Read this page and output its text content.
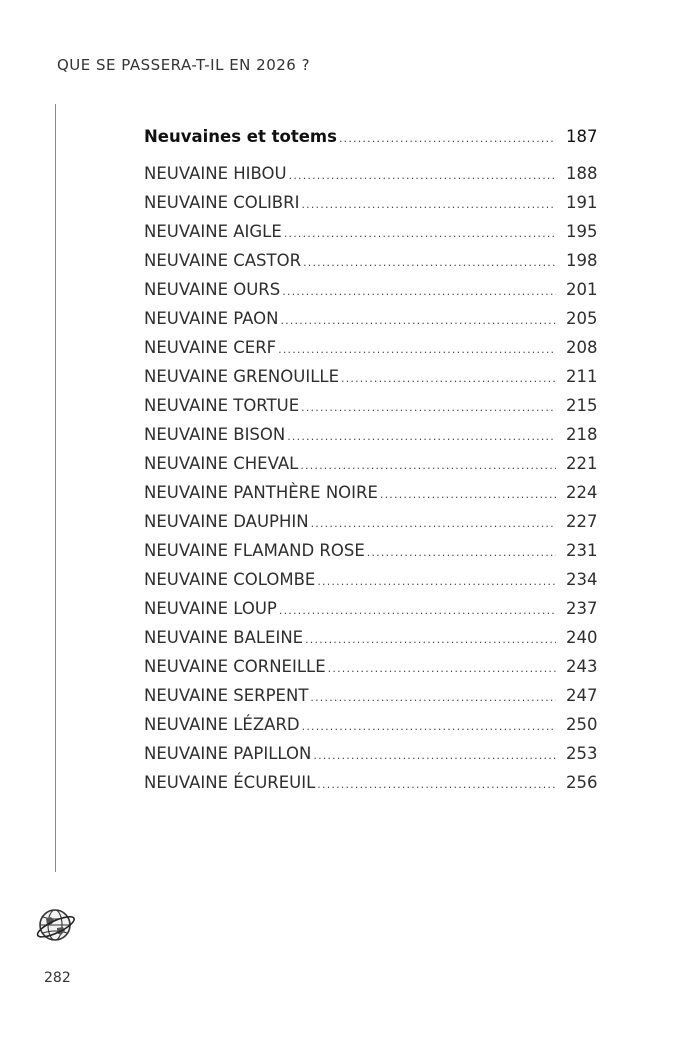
QUE SE PASSERA-T-IL EN 2026 ?
Neuvaines et totems .....	187
NEUVAINE HIBOU .....	188
NEUVAINE COLIBRI .....	191
NEUVAINE AIGLE .....	195
NEUVAINE CASTOR .....	198
NEUVAINE OURS .....	201
NEUVAINE PAON .....	205
NEUVAINE CERF .....	208
NEUVAINE GRENOUILLE .....	211
NEUVAINE TORTUE .....	215
NEUVAINE BISON .....	218
NEUVAINE CHEVAL .....	221
NEUVAINE PANTHÈRE NOIRE .....	224
NEUVAINE DAUPHIN .....	227
NEUVAINE FLAMAND ROSE .....	231
NEUVAINE COLOMBE .....	234
NEUVAINE LOUP .....	237
NEUVAINE BALEINE .....	240
NEUVAINE CORNEILLE .....	243
NEUVAINE SERPENT .....	247
NEUVAINE LÉZARD .....	250
NEUVAINE PAPILLON .....	253
NEUVAINE ÉCUREUIL .....	256
282
